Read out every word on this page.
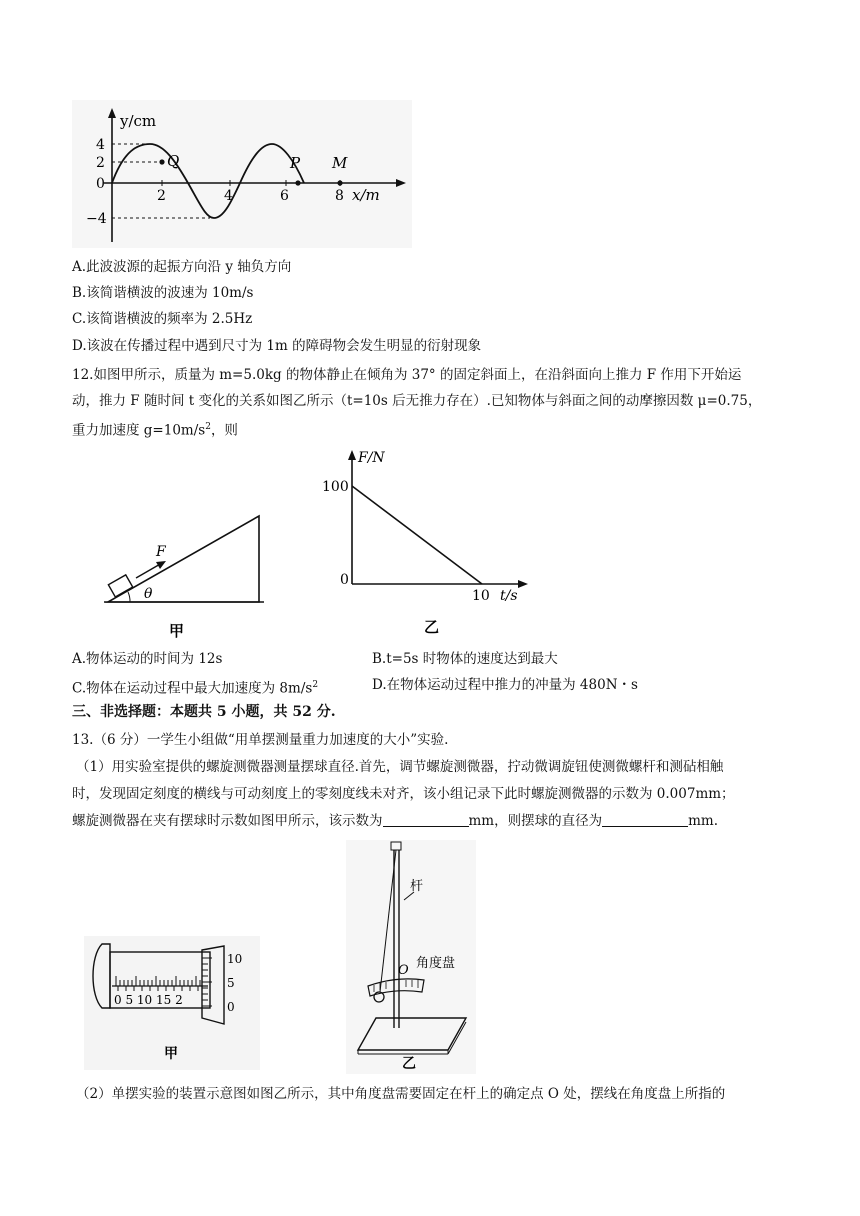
y/cm
4
2
0
−4
2	4	6	8 x/m
Q	P M
A.此波波源的起振方向沿 y 轴负方向
B.该简谐横波的波速为 10m/s
C.该简谐横波的频率为 2.5Hz
D.该波在传播过程中遇到尺寸为 1m 的障碍物会发生明显的衍射现象
12.如图甲所示，质量为 m=5.0kg 的物体静止在倾角为 37° 的固定斜面上，在沿斜面向上推力 F 作用下开始运
动，推力 F 随时间 t 变化的关系如图乙所示（t=10s 后无推力存在）.已知物体与斜面之间的动摩擦因数 μ=0.75，
重力加速度 $g=10m/s^2$，则
F
θ
甲
F/N
100
0
10 t/s
乙
A.物体运动的时间为 12s	B.t=5s 时物体的速度达到最大
C.物体在运动过程中最大加速度为 $8m/s^2$	D.在物体运动过程中推力的冲量为 480N・s
三、非选择题：本题共 5 小题，共 52 分.
13.（6 分）一学生小组做“用单摆测量重力加速度的大小”实验.
（1）用实验室提供的螺旋测微器测量摆球直径.首先，调节螺旋测微器，拧动微调旋钮使测微螺杆和测砧相触
时，发现固定刻度的横线与可动刻度上的零刻度线未对齐，该小组记录下此时螺旋测微器的示数为 0.007mm；
螺旋测微器在夹有摆球时示数如图甲所示，该示数为	mm，则摆球的直径为	mm.
0 5 10 15 2
10
5
0
甲
杆
O 角度盘
乙
（2）单摆实验的装置示意图如图乙所示，其中角度盘需要固定在杆上的确定点 O 处，摆线在角度盘上所指的
